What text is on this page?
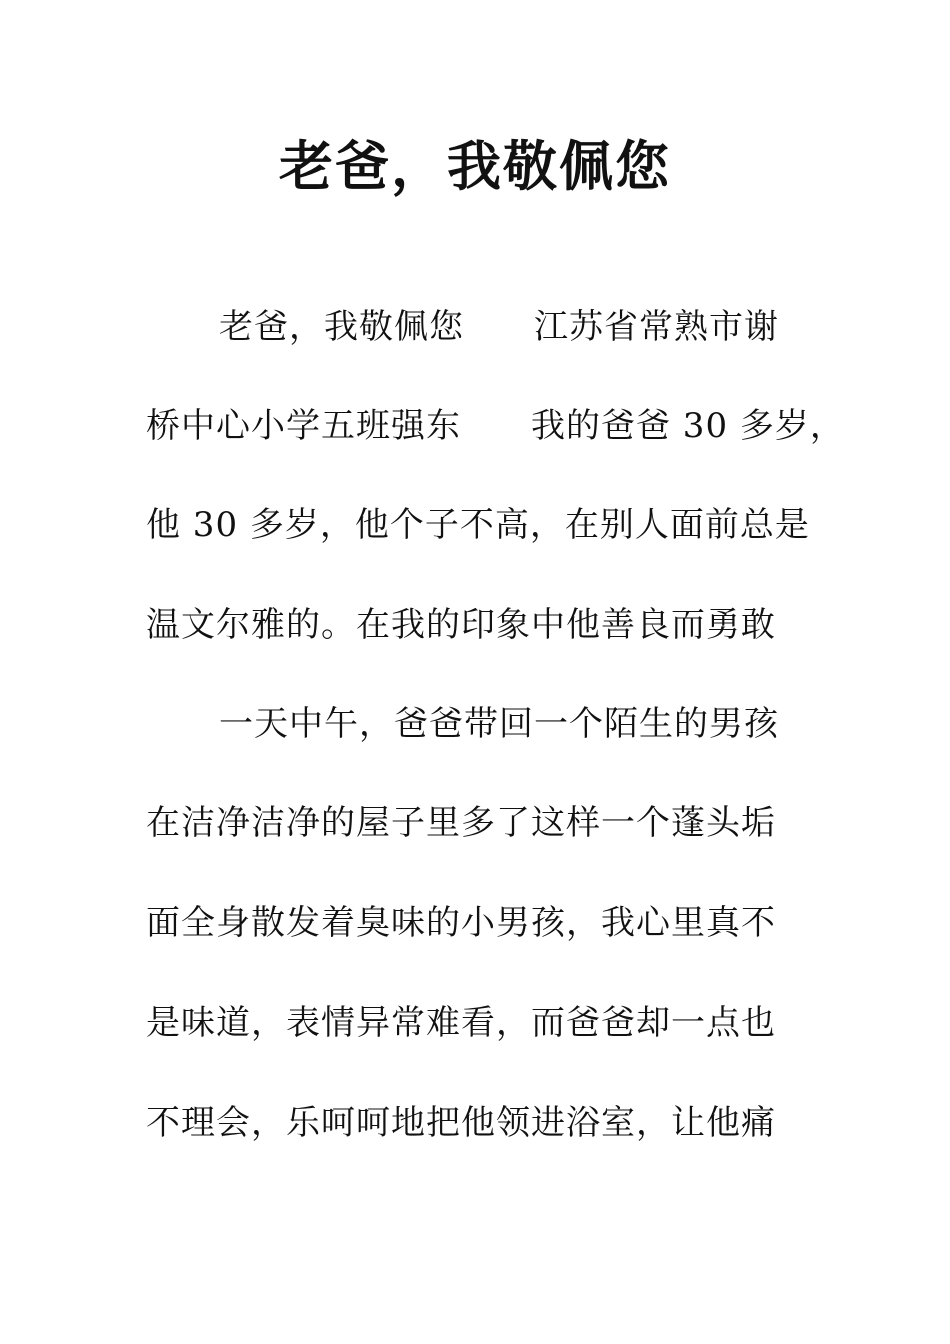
老爸，我敬佩您
老爸，我敬佩您　　江苏省常熟市谢
桥中心小学五班强东　　我的爸爸 30 多岁，
他 30 多岁，他个子不高，在别人面前总是
温文尔雅的。在我的印象中他善良而勇敢
一天中午，爸爸带回一个陌生的男孩
在洁净洁净的屋子里多了这样一个蓬头垢
面全身散发着臭味的小男孩，我心里真不
是味道，表情异常难看，而爸爸却一点也
不理会，乐呵呵地把他领进浴室，让他痛
